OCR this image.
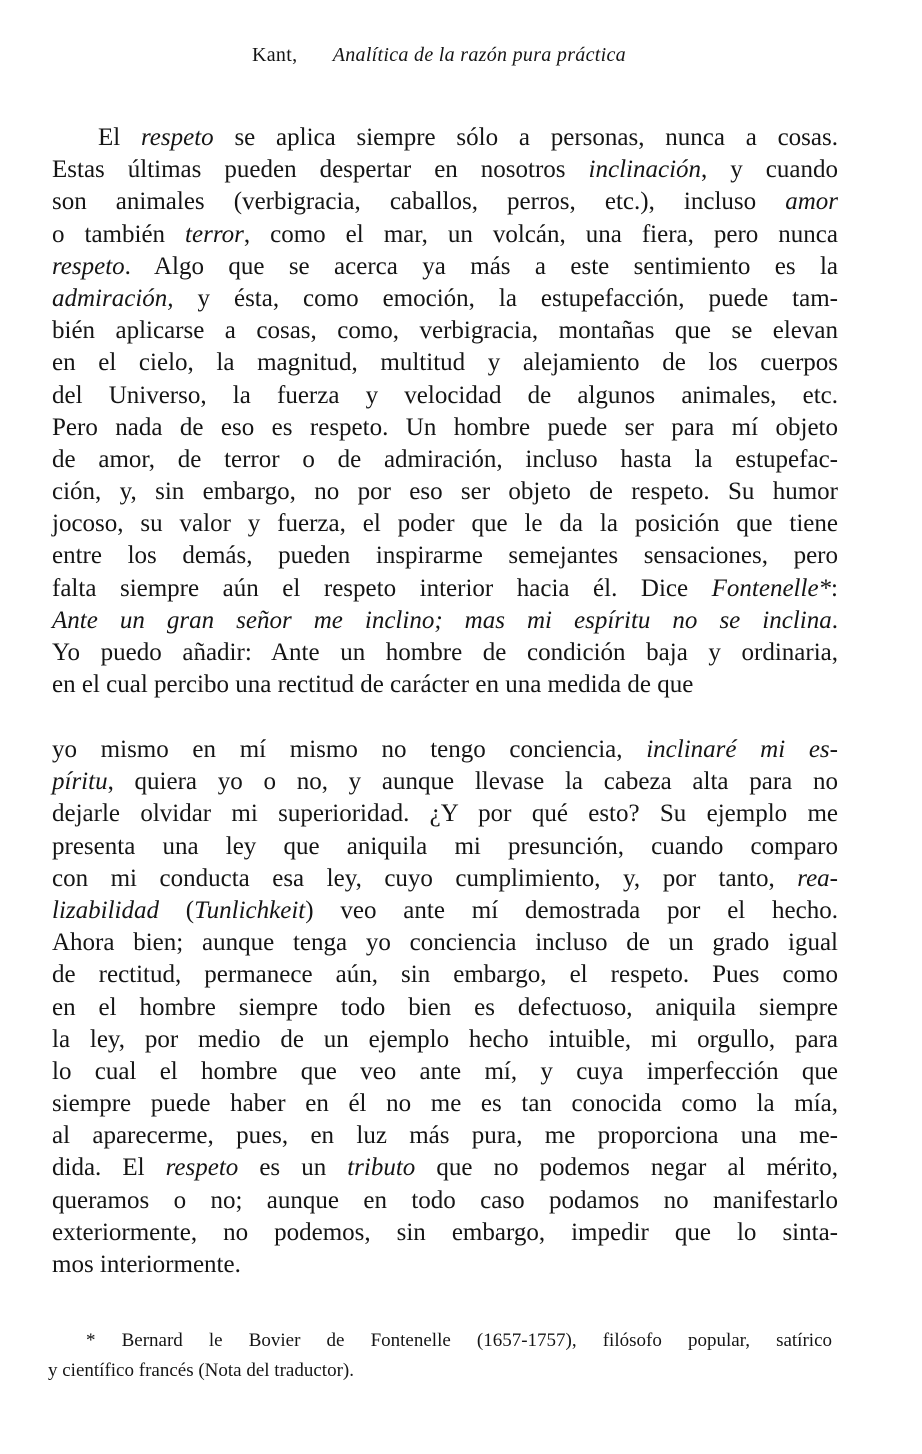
Kant, Analítica de la razón pura práctica
El respeto se aplica siempre sólo a personas, nunca a cosas.
Estas últimas pueden despertar en nosotros inclinación, y cuando
son animales (verbigracia, caballos, perros, etc.), incluso amor
o también terror, como el mar, un volcán, una fiera, pero nunca
respeto. Algo que se acerca ya más a este sentimiento es la
admiración, y ésta, como emoción, la estupefacción, puede tam-
bién aplicarse a cosas, como, verbigracia, montañas que se elevan
en el cielo, la magnitud, multitud y alejamiento de los cuerpos
del Universo, la fuerza y velocidad de algunos animales, etc.
Pero nada de eso es respeto. Un hombre puede ser para mí objeto
de amor, de terror o de admiración, incluso hasta la estupefac-
ción, y, sin embargo, no por eso ser objeto de respeto. Su humor
jocoso, su valor y fuerza, el poder que le da la posición que tiene
entre los demás, pueden inspirarme semejantes sensaciones, pero
falta siempre aún el respeto interior hacia él. Dice Fontenelle*:
Ante un gran señor me inclino; mas mi espíritu no se inclina.
Yo puedo añadir: Ante un hombre de condición baja y ordinaria,
en el cual percibo una rectitud de carácter en una medida de que
yo mismo en mí mismo no tengo conciencia, inclinaré mi es-
píritu, quiera yo o no, y aunque llevase la cabeza alta para no
dejarle olvidar mi superioridad. ¿Y por qué esto? Su ejemplo me
presenta una ley que aniquila mi presunción, cuando comparo
con mi conducta esa ley, cuyo cumplimiento, y, por tanto, rea-
lizabilidad (Tunlichkeit) veo ante mí demostrada por el hecho.
Ahora bien; aunque tenga yo conciencia incluso de un grado igual
de rectitud, permanece aún, sin embargo, el respeto. Pues como
en el hombre siempre todo bien es defectuoso, aniquila siempre
la ley, por medio de un ejemplo hecho intuible, mi orgullo, para
lo cual el hombre que veo ante mí, y cuya imperfección que
siempre puede haber en él no me es tan conocida como la mía,
al aparecerme, pues, en luz más pura, me proporciona una me-
dida. El respeto es un tributo que no podemos negar al mérito,
queramos o no; aunque en todo caso podamos no manifestarlo
exteriormente, no podemos, sin embargo, impedir que lo sinta-
mos interiormente.
* Bernard le Bovier de Fontenelle (1657-1757), filósofo popular, satírico
y científico francés (Nota del traductor).
